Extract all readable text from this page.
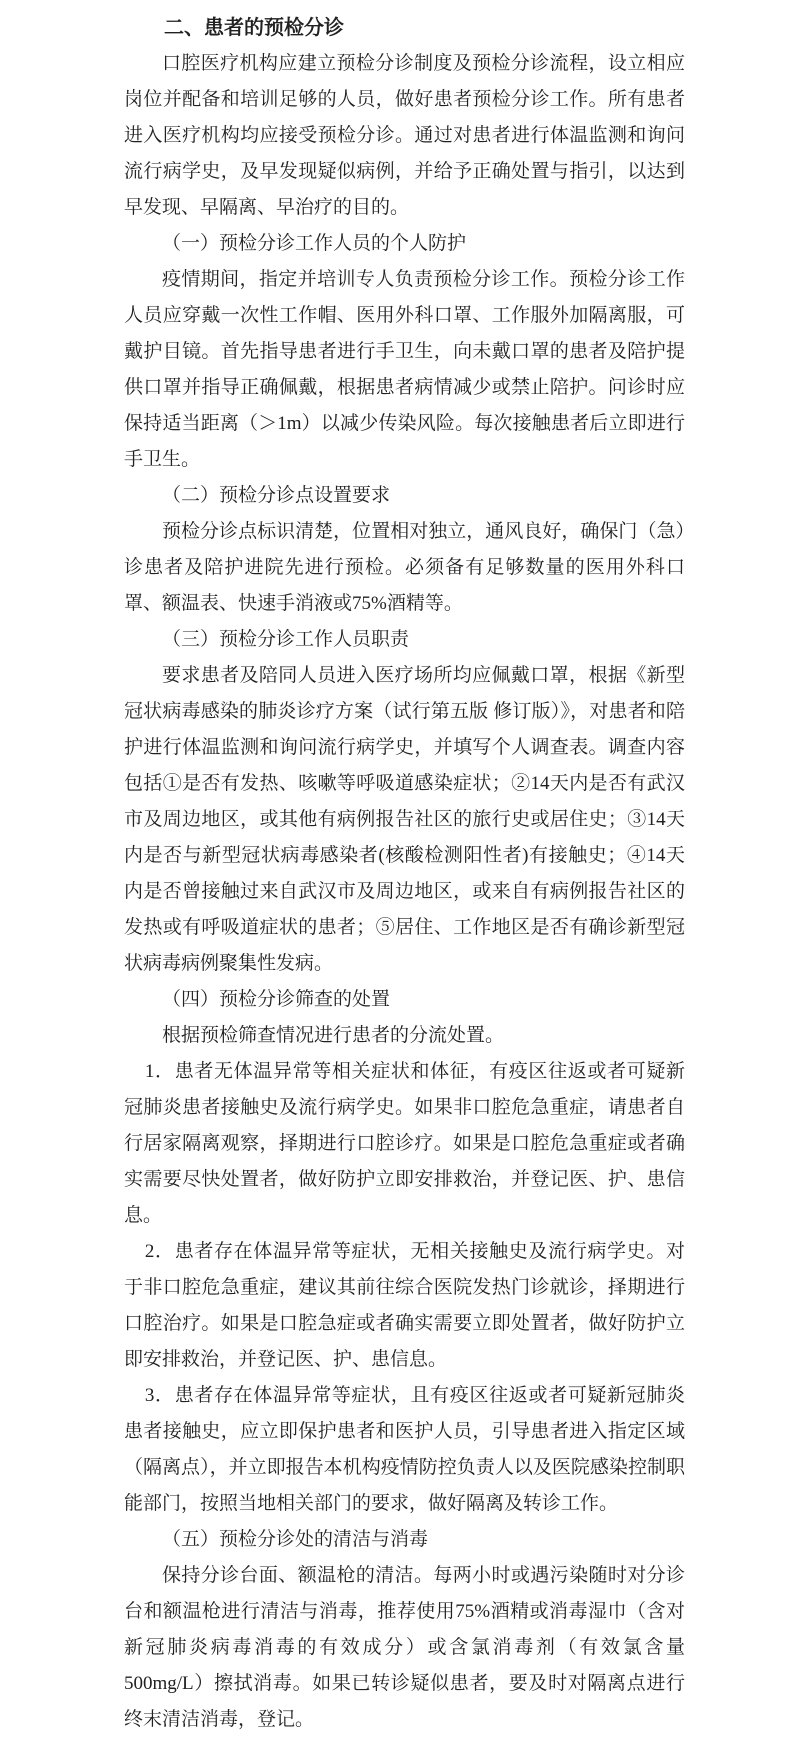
二、患者的预检分诊

口腔医疗机构应建立预检分诊制度及预检分诊流程，设立相应岗位并配备和培训足够的人员，做好患者预检分诊工作。所有患者进入医疗机构均应接受预检分诊。通过对患者进行体温监测和询问流行病学史，及早发现疑似病例，并给予正确处置与指引，以达到早发现、早隔离、早治疗的目的。

（一）预检分诊工作人员的个人防护

疫情期间，指定并培训专人负责预检分诊工作。预检分诊工作人员应穿戴一次性工作帽、医用外科口罩、工作服外加隔离服，可戴护目镜。首先指导患者进行手卫生，向未戴口罩的患者及陪护提供口罩并指导正确佩戴，根据患者病情减少或禁止陪护。问诊时应保持适当距离（＞1m）以减少传染风险。每次接触患者后立即进行手卫生。

（二）预检分诊点设置要求

预检分诊点标识清楚，位置相对独立，通风良好，确保门（急）诊患者及陪护进院先进行预检。必须备有足够数量的医用外科口罩、额温表、快速手消液或75%酒精等。

（三）预检分诊工作人员职责

要求患者及陪同人员进入医疗场所均应佩戴口罩，根据《新型冠状病毒感染的肺炎诊疗方案（试行第五版 修订版）》，对患者和陪护进行体温监测和询问流行病学史，并填写个人调查表。调查内容包括①是否有发热、咳嗽等呼吸道感染症状；②14天内是否有武汉市及周边地区，或其他有病例报告社区的旅行史或居住史；③14天内是否与新型冠状病毒感染者(核酸检测阳性者)有接触史；④14天内是否曾接触过来自武汉市及周边地区，或来自有病例报告社区的发热或有呼吸道症状的患者；⑤居住、工作地区是否有确诊新型冠状病毒病例聚集性发病。

（四）预检分诊筛查的处置

根据预检筛查情况进行患者的分流处置。

1．患者无体温异常等相关症状和体征，有疫区往返或者可疑新冠肺炎患者接触史及流行病学史。如果非口腔危急重症，请患者自行居家隔离观察，择期进行口腔诊疗。如果是口腔危急重症或者确实需要尽快处置者，做好防护立即安排救治，并登记医、护、患信息。

2．患者存在体温异常等症状，无相关接触史及流行病学史。对于非口腔危急重症，建议其前往综合医院发热门诊就诊，择期进行口腔治疗。如果是口腔急症或者确实需要立即处置者，做好防护立即安排救治，并登记医、护、患信息。

3．患者存在体温异常等症状，且有疫区往返或者可疑新冠肺炎患者接触史，应立即保护患者和医护人员，引导患者进入指定区域（隔离点），并立即报告本机构疫情防控负责人以及医院感染控制职能部门，按照当地相关部门的要求，做好隔离及转诊工作。

（五）预检分诊处的清洁与消毒

保持分诊台面、额温枪的清洁。每两小时或遇污染随时对分诊台和额温枪进行清洁与消毒，推荐使用75%酒精或消毒湿巾（含对新冠肺炎病毒消毒的有效成分）或含氯消毒剂（有效氯含量500mg/L）擦拭消毒。如果已转诊疑似患者，要及时对隔离点进行终末清洁消毒，登记。
